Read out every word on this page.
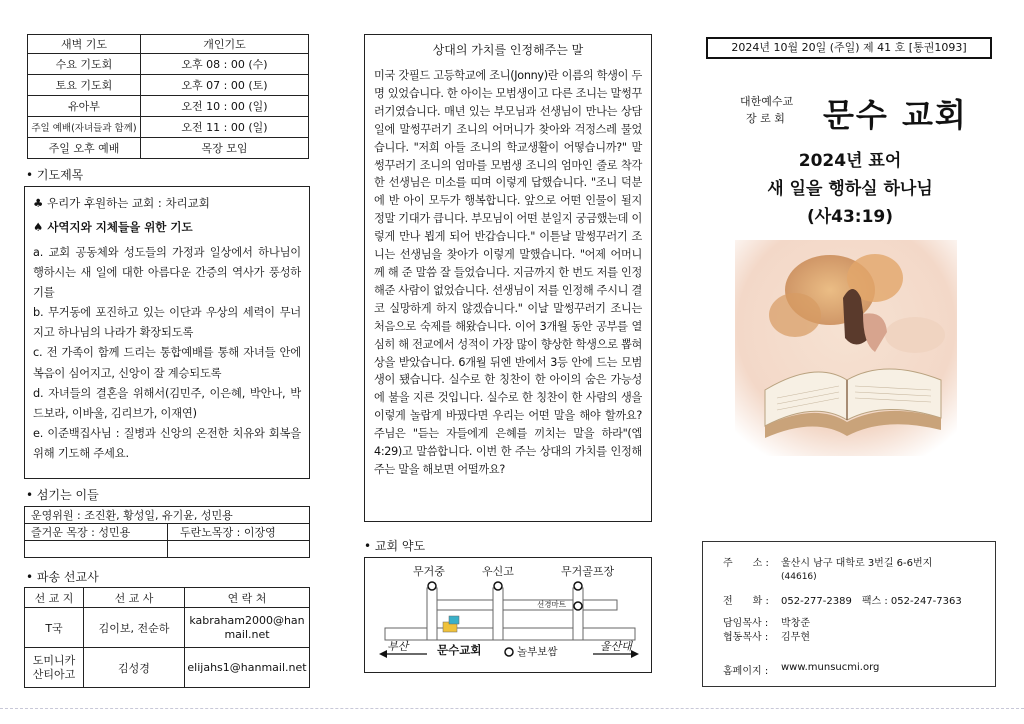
새벽 기도	개인기도
수요 기도회	오후 08 : 00 (수)
토요 기도회	오후 07 : 00 (토)
유아부	오전 10 : 00 (일)
주일 예배(자녀들과 함께)	오전 11 : 00 (일)
주일 오후 예배	목장 모임
• 기도제목
♣ 우리가 후원하는 교회 : 차리교회
♠ 사역지와 지체들을 위한 기도
a. 교회 공동체와 성도들의 가정과 일상에서 하나님이 행하시는 새 일에 대한 아름다운 간증의 역사가 풍성하기를
b. 무거동에 포진하고 있는 이단과 우상의 세력이 무너지고 하나님의 나라가 확장되도록
c. 전 가족이 함께 드리는 통합예배를 통해 자녀들 안에 복음이 심어지고, 신앙이 잘 계승되도록
d. 자녀들의 결혼을 위해서(김민주, 이은혜, 박안나, 박드보라, 이바울, 김리브가, 이재연)
e. 이준백집사님 : 질병과 신앙의 온전한 치유와 회복을 위해 기도해 주세요.
• 섬기는 이들
운영위원 : 조진환, 황성일, 유기윤, 성민용	
즐거운 목장 : 성민용	두란노목장 : 이장영

• 파송 선교사
선 교 지	선 교 사	연 락 처
T국	김이보, 전순하	kabraham2000@hanmail.net
도미니카
산티아고	김성경	elijahs1@hanmail.net
상대의 가치를 인정해주는 말
미국 갓필드 고등학교에 조니(Jonny)란 이름의 학생이 두 명 있었습니다. 한 아이는 모범생이고 다른 조니는 말썽꾸러기였습니다. 매년 있는 부모님과 선생님이 만나는 상담 일에 말썽꾸러기 조니의 어머니가 찾아와 걱정스레 물었습니다. "저희 아들 조니의 학교생활이 어떻습니까?" 말썽꾸러기 조니의 엄마를 모범생 조니의 엄마인 줄로 착각한 선생님은 미소를 띠며 이렇게 답했습니다. "조니 덕분에 반 아이 모두가 행복합니다. 앞으로 어떤 인물이 될지 정말 기대가 큽니다. 부모님이 어떤 분일지 궁금했는데 이렇게 만나 뵙게 되어 반갑습니다." 이튿날 말썽꾸러기 조니는 선생님을 찾아가 이렇게 말했습니다. "어제 어머니께 해 준 말씀 잘 들었습니다. 지금까지 한 번도 저를 인정해준 사람이 없었습니다. 선생님이 저를 인정해 주시니 결코 실망하게 하지 않겠습니다." 이날 말썽꾸러기 조니는 처음으로 숙제를 해왔습니다. 이어 3개월 동안 공부를 열심히 해 전교에서 성적이 가장 많이 향상한 학생으로 뽑혀 상을 받았습니다. 6개월 뒤엔 반에서 3등 안에 드는 모범생이 됐습니다. 실수로 한 칭찬이 한 아이의 숨은 가능성에 불을 지른 것입니다. 실수로 한 칭찬이 한 사람의 생을 이렇게 놀랍게 바꿨다면 우리는 어떤 말을 해야 할까요? 주님은 "듣는 자들에게 은혜를 끼치는 말을 하라"(엡 4:29)고 말씀합니다. 이번 한 주는 상대의 가치를 인정해주는 말을 해보면 어떨까요?
• 교회 약도
무거중	우신고	무거골프장
선경마트
문수교회	놀부보쌈
부산	울산대
2024년 10월 20일 (주일) 제 41 호 [통권1093]
대한예수교
장 로 회 문수 교회
2024년 표어
새 일을 행하실 하나님
(사43:19)
주　　소 : 울산시 남구 대학로 3번길 6-6번지
(44616)
전　　화 : 052-277-2389　팩스 : 052-247-7363
담임목사 : 박창준
협동목사 : 김무현
홈페이지 : www.munsucmi.org
